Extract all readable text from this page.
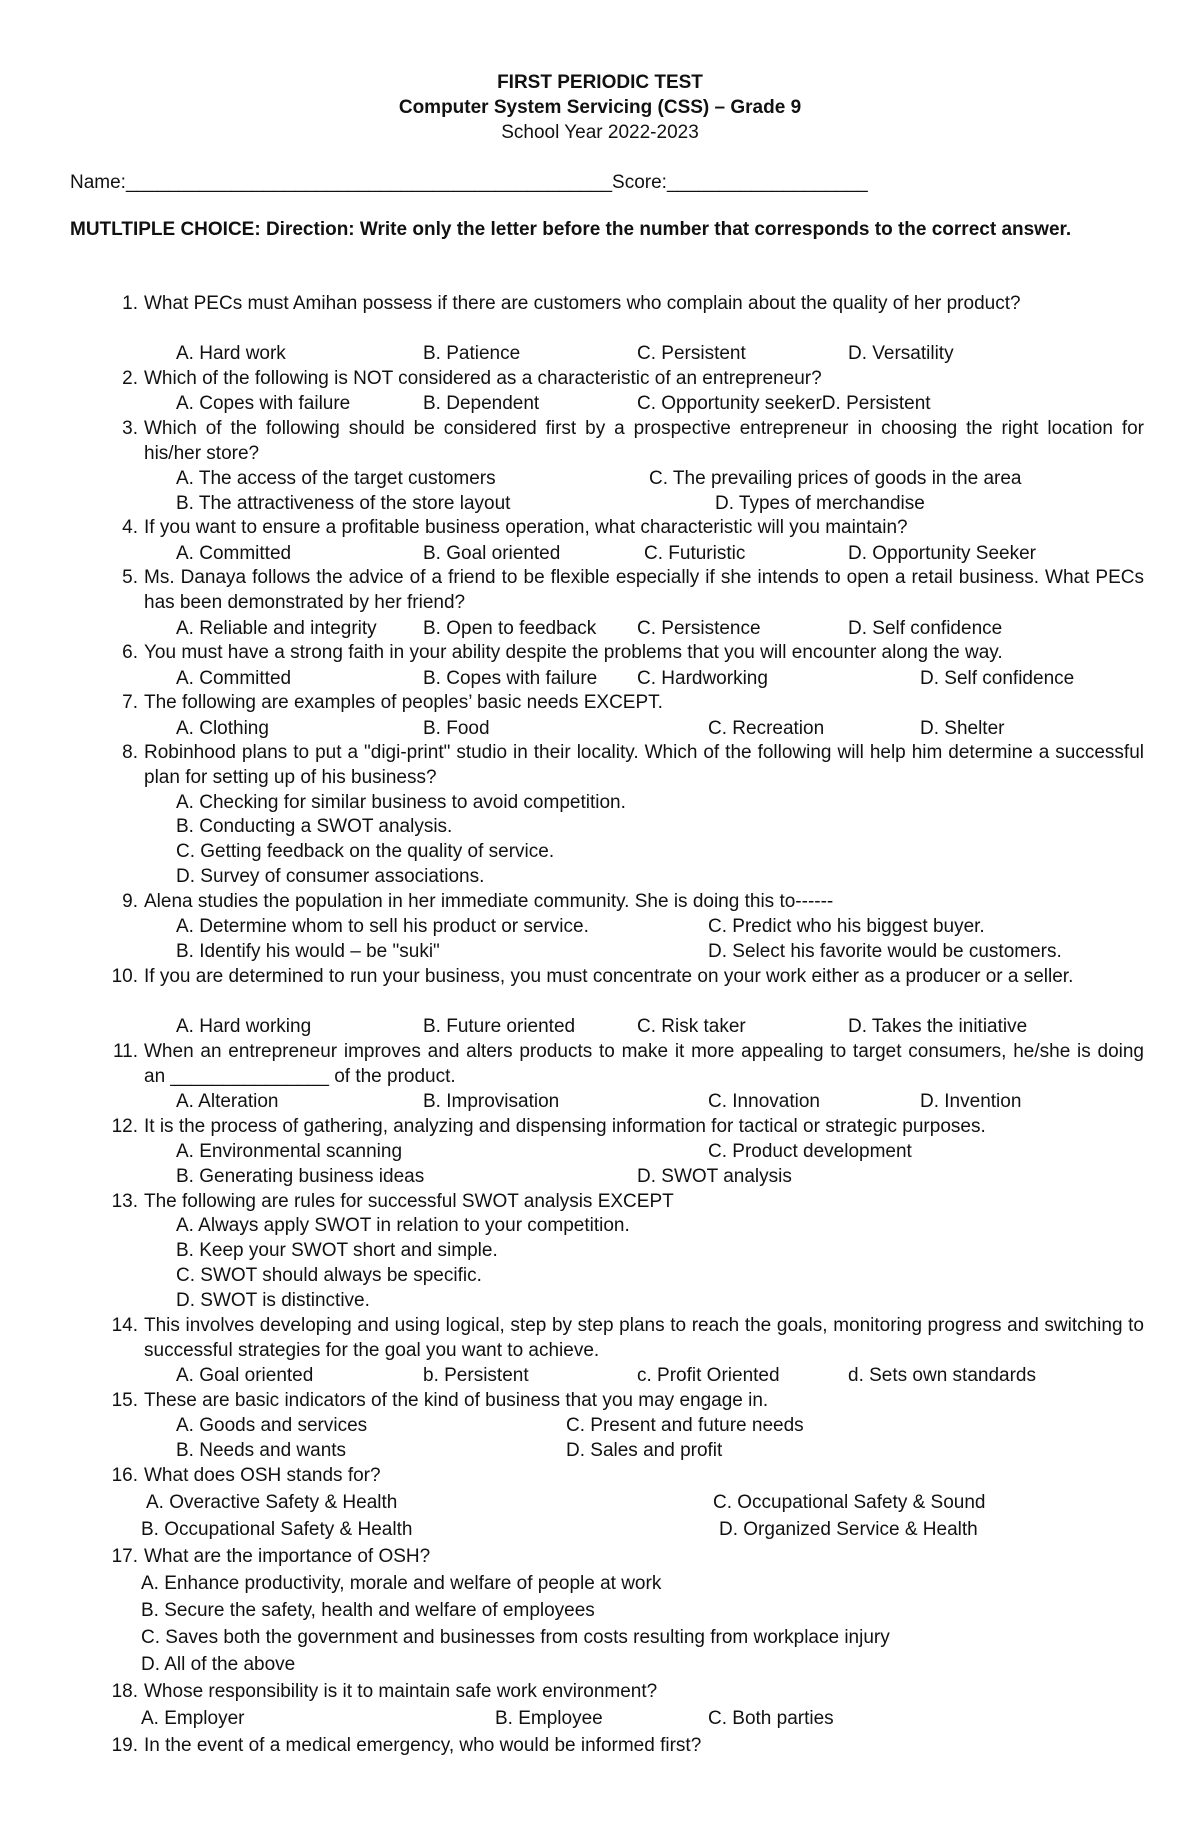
FIRST PERIODIC TEST
Computer System Servicing (CSS) – Grade 9
School Year 2022-2023
Name:______________________________________________Score:___________________
MUTLTIPLE CHOICE: Direction: Write only the letter before the number that corresponds to the correct answer.
1. What PECs must Amihan possess if there are customers who complain about the quality of her product?
A. Hard work	B. Patience	C. Persistent	D. Versatility
2. Which of the following is NOT considered as a characteristic of an entrepreneur?
A. Copes with failure	B. Dependent	C. Opportunity seekerD. Persistent
3. Which of the following should be considered first by a prospective entrepreneur in choosing the right location for his/her store?
A. The access of the target customers	C. The prevailing prices of goods in the area
B. The attractiveness of the store layout	D. Types of merchandise
4. If you want to ensure a profitable business operation, what characteristic will you maintain?
A. Committed	B. Goal oriented	C. Futuristic	D. Opportunity Seeker
5. Ms. Danaya follows the advice of a friend to be flexible especially if she intends to open a retail business. What PECs has been demonstrated by her friend?
A. Reliable and integrity B. Open to feedback C. Persistence	D. Self confidence
6. You must have a strong faith in your ability despite the problems that you will encounter along the way.
A. Committed	B. Copes with failure C. Hardworking	D. Self confidence
7. The following are examples of peoples’ basic needs EXCEPT.
A. Clothing	B. Food	C. Recreation	D. Shelter
8. Robinhood plans to put a "digi-print" studio in their locality. Which of the following will help him determine a successful plan for setting up of his business?
A. Checking for similar business to avoid competition.
B. Conducting a SWOT analysis.
C. Getting feedback on the quality of service.
D. Survey of consumer associations.
9. Alena studies the population in her immediate community. She is doing this to------
A. Determine whom to sell his product or service.	C. Predict who his biggest buyer.
B. Identify his would – be "suki"	D. Select his favorite would be customers.
10. If you are determined to run your business, you must concentrate on your work either as a producer or a seller.
A. Hard working	B. Future oriented	C. Risk taker	D. Takes the initiative
11. When an entrepreneur improves and alters products to make it more appealing to target consumers, he/she is doing an _______________ of the product.
A. Alteration	B. Improvisation	C. Innovation	D. Invention
12. It is the process of gathering, analyzing and dispensing information for tactical or strategic purposes.
A. Environmental scanning	C. Product development
B. Generating business ideas	D. SWOT analysis
13. The following are rules for successful SWOT analysis EXCEPT
A. Always apply SWOT in relation to your competition.
B. Keep your SWOT short and simple.
C. SWOT should always be specific.
D. SWOT is distinctive.
14. This involves developing and using logical, step by step plans to reach the goals, monitoring progress and switching to successful strategies for the goal you want to achieve.
A. Goal oriented	b. Persistent	c. Profit Oriented	d. Sets own standards
15. These are basic indicators of the kind of business that you may engage in.
A. Goods and services	C. Present and future needs
B. Needs and wants	D. Sales and profit
16. What does OSH stands for?
A. Overactive Safety & Health	C. Occupational Safety & Sound
B. Occupational Safety & Health	D. Organized Service & Health
17. What are the importance of OSH?
A. Enhance productivity, morale and welfare of people at work
B. Secure the safety, health and welfare of employees
C. Saves both the government and businesses from costs resulting from workplace injury
D. All of the above
18. Whose responsibility is it to maintain safe work environment?
A. Employer	B. Employee	C. Both parties
19. In the event of a medical emergency, who would be informed first?
